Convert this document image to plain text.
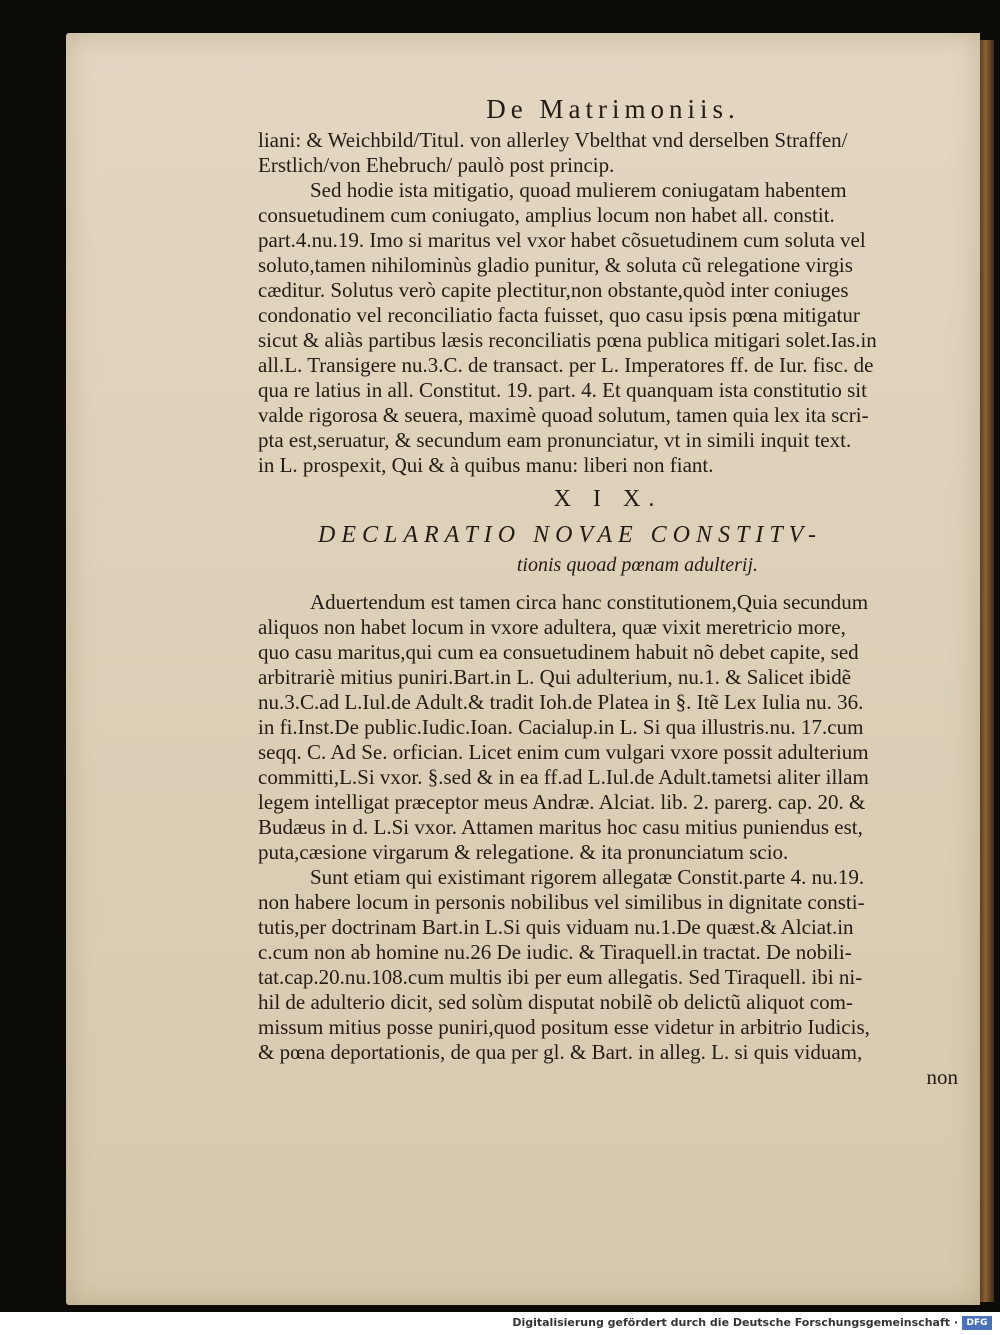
De Matrimoniis.
liani: & Weichbild/Titul. von allerley Vbelthat vnd derselben Straffen/
Erstlich/von Ehebruch/ paulò post princip.
Sed hodie ista mitigatio, quoad mulierem coniugatam habentem
consuetudinem cum coniugato, amplius locum non habet all. constit.
part.4.nu.19. Imo si maritus vel vxor habet cõsuetudinem cum soluta vel
soluto,tamen nihilominùs gladio punitur, & soluta cũ relegatione virgis
cæditur. Solutus verò capite plectitur,non obstante,quòd inter coniuges
condonatio vel reconciliatio facta fuisset, quo casu ipsis pœna mitigatur
sicut & aliàs partibus læsis reconciliatis pœna publica mitigari solet.Ias.in
all.L. Transigere nu.3.C. de transact. per L. Imperatores ff. de Iur. fisc. de
qua re latius in all. Constitut. 19. part. 4. Et quanquam ista constitutio sit
valde rigorosa & seuera, maximè quoad solutum, tamen quia lex ita scri-
pta est,seruatur, & secundum eam pronunciatur, vt in simili inquit text.
in L. prospexit, Qui & à quibus manu: liberi non fiant.
X I X.
DECLARATIO NOVAE CONSTITV-
tionis quoad pœnam adulterij.
Aduertendum est tamen circa hanc constitutionem,Quia secundum
aliquos non habet locum in vxore adultera, quæ vixit meretricio more,
quo casu maritus,qui cum ea consuetudinem habuit nõ debet capite, sed
arbitrariè mitius puniri.Bart.in L. Qui adulterium, nu.1. & Salicet ibidẽ
nu.3.C.ad L.Iul.de Adult.& tradit Ioh.de Platea in §. Itẽ Lex Iulia nu. 36.
in fi.Inst.De public.Iudic.Ioan. Cacialup.in L. Si qua illustris.nu. 17.cum
seqq. C. Ad Se. orfician. Licet enim cum vulgari vxore possit adulterium
committi,L.Si vxor. §.sed & in ea ff.ad L.Iul.de Adult.tametsi aliter illam
legem intelligat præceptor meus Andræ. Alciat. lib. 2. parerg. cap. 20. &
Budæus in d. L.Si vxor. Attamen maritus hoc casu mitius puniendus est,
puta,cæsione virgarum & relegatione. & ita pronunciatum scio.
Sunt etiam qui existimant rigorem allegatæ Constit.parte 4. nu.19.
non habere locum in personis nobilibus vel similibus in dignitate consti-
tutis,per doctrinam Bart.in L.Si quis viduam nu.1.De quæst.& Alciat.in
c.cum non ab homine nu.26 De iudic. & Tiraquell.in tractat. De nobili-
tat.cap.20.nu.108.cum multis ibi per eum allegatis. Sed Tiraquell. ibi ni-
hil de adulterio dicit, sed solùm disputat nobilẽ ob delictũ aliquot com-
missum mitius posse puniri,quod positum esse videtur in arbitrio Iudicis,
& pœna deportationis, de qua per gl. & Bart. in alleg. L. si quis viduam,
non
Digitalisierung gefördert durch die Deutsche Forschungsgemeinschaft · DFG
